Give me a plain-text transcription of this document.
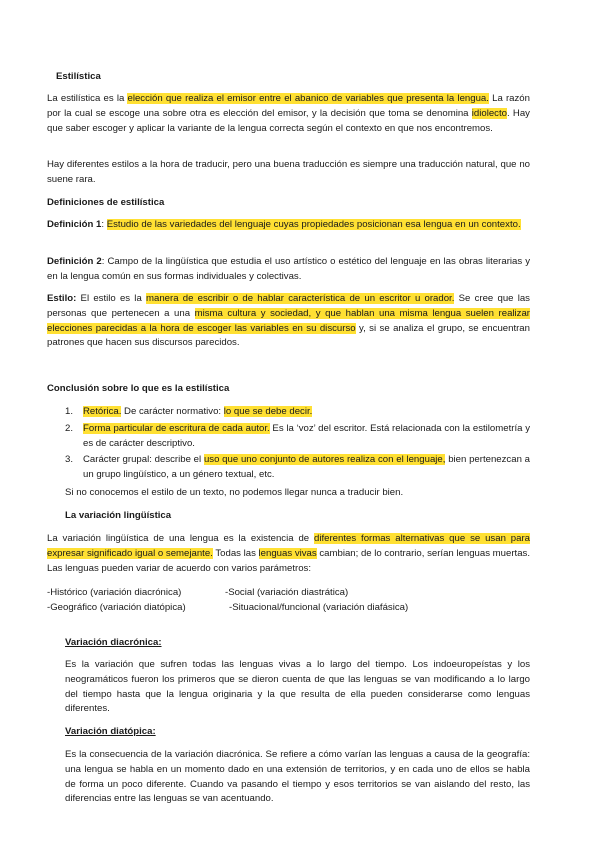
Estilística
La estilística es la elección que realiza el emisor entre el abanico de variables que presenta la lengua. La razón por la cual se escoge una sobre otra es elección del emisor, y la decisión que toma se denomina idiolecto. Hay que saber escoger y aplicar la variante de la lengua correcta según el contexto en que nos encontremos.
Hay diferentes estilos a la hora de traducir, pero una buena traducción es siempre una traducción natural, que no suene rara.
Definiciones de estilística
Definición 1: Estudio de las variedades del lenguaje cuyas propiedades posicionan esa lengua en un contexto.
Definición 2: Campo de la lingüística que estudia el uso artístico o estético del lenguaje en las obras literarias y en la lengua común en sus formas individuales y colectivas.
Estilo: El estilo es la manera de escribir o de hablar característica de un escritor u orador. Se cree que las personas que pertenecen a una misma cultura y sociedad, y que hablan una misma lengua suelen realizar elecciones parecidas a la hora de escoger las variables en su discurso y, si se analiza el grupo, se encuentran patrones que hacen sus discursos parecidos.
Conclusión sobre lo que es la estilística
1. Retórica. De carácter normativo: lo que se debe decir.
2. Forma particular de escritura de cada autor. Es la ‘voz’ del escritor. Está relacionada con la estilometría y es de carácter descriptivo.
3. Carácter grupal: describe el uso que uno conjunto de autores realiza con el lenguaje, bien pertenezcan a un grupo lingüístico, a un género textual, etc.
Si no conocemos el estilo de un texto, no podemos llegar nunca a traducir bien.
La variación lingüística
La variación lingüística de una lengua es la existencia de diferentes formas alternativas que se usan para expresar significado igual o semejante. Todas las lenguas vivas cambian; de lo contrario, serían lenguas muertas. Las lenguas pueden variar de acuerdo con varios parámetros:
-Histórico (variación diacrónica)	-Social (variación diastrática)
-Geográfico (variación diatópica)	-Situacional/funcional (variación diafásica)
Variación diacrónica:
Es la variación que sufren todas las lenguas vivas a lo largo del tiempo. Los indoeuropeístas y los neogramáticos fueron los primeros que se dieron cuenta de que las lenguas se van modificando a lo largo del tiempo hasta que la lengua originaria y la que resulta de ella pueden considerarse como lenguas diferentes.
Variación diatópica:
Es la consecuencia de la variación diacrónica. Se refiere a cómo varían las lenguas a causa de la geografía: una lengua se habla en un momento dado en una extensión de territorios, y en cada uno de ellos se habla de forma un poco diferente. Cuando va pasando el tiempo y esos territorios se van aislando del resto, las diferencias entre las lenguas se van acentuando.
